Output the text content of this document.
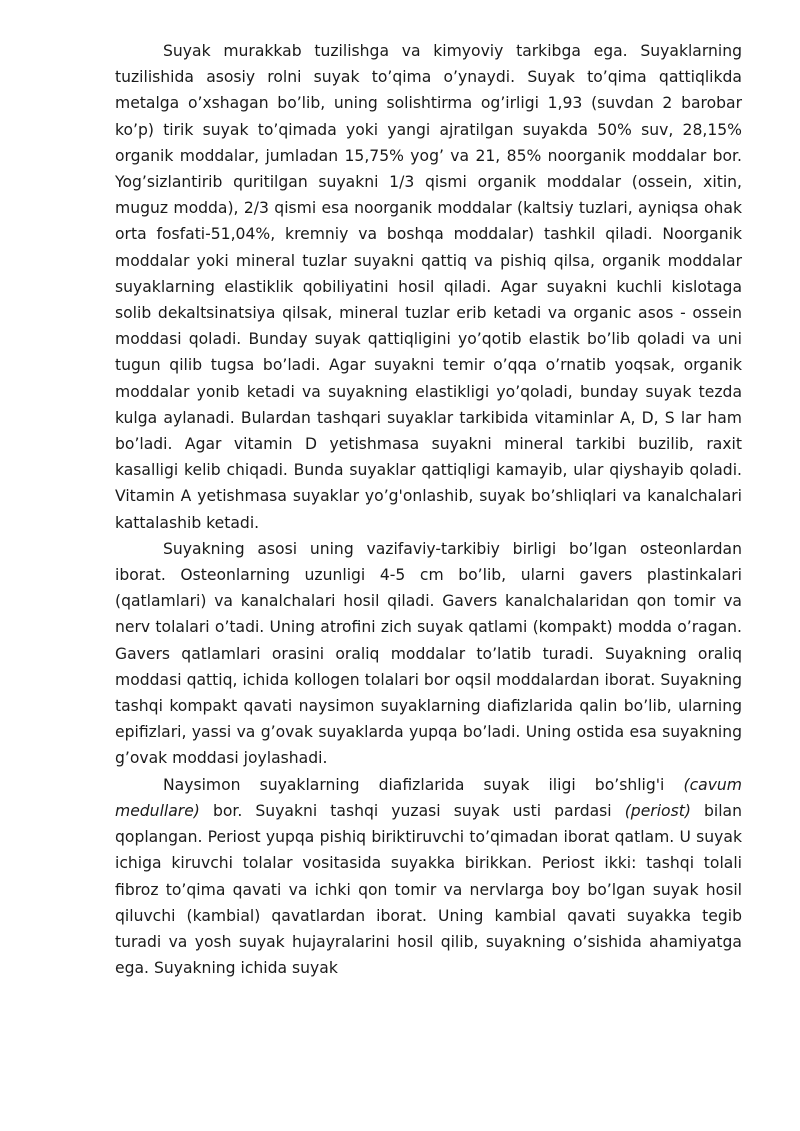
Suyak murakkab tuzilishga va kimyoviy tarkibga ega. Suyaklarning tuzilishida asosiy rolni suyak to’qima o’ynaydi. Suyak to’qima qattiqlikda metalga o’xshagan bo’lib, uning solishtirma og’irligi 1,93 (suvdan 2 barobar ko’p) tirik suyak to’qimada yoki yangi ajratilgan suyakda 50% suv, 28,15% organik moddalar, jumladan 15,75% yog’ va 21, 85% noorganik moddalar bor. Yog’sizlantirib quritilgan suyakni 1/3 qismi organik moddalar (ossein, xitin, muguz modda), 2/3 qismi esa noorganik moddalar (kaltsiy tuzlari, ayniqsa ohak orta fosfati-51,04%, kremniy va boshqa moddalar) tashkil qiladi. Noorganik moddalar yoki mineral tuzlar suyakni qattiq va pishiq qilsa, organik moddalar suyaklarning elastiklik qobiliyatini hosil qiladi. Agar suyakni kuchli kislotaga solib dekaltsinatsiya qilsak, mineral tuzlar erib ketadi va organic asos - ossein moddasi qoladi. Bunday suyak qattiqligini yo’qotib elastik bo’lib qoladi va uni tugun qilib tugsa bo’ladi. Agar suyakni temir o’qqa o’rnatib yoqsak, organik moddalar yonib ketadi va suyakning elastikligi yo’qoladi, bunday suyak tezda kulga aylanadi. Bulardan tashqari suyaklar tarkibida vitaminlar A, D, S lar ham bo’ladi. Agar vitamin D yetishmasa suyakni mineral tarkibi buzilib, raxit kasalligi kelib chiqadi. Bunda suyaklar qattiqligi kamayib, ular qiyshayib qoladi. Vitamin A yetishmasa suyaklar yo’g'onlashib, suyak bo’shliqlari va kanalchalari kattalashib ketadi.

Suyakning asosi uning vazifaviy-tarkibiy birligi bo’lgan osteonlardan iborat. Osteonlarning uzunligi 4-5 cm bo’lib, ularni gavers plastinkalari (qatlamlari) va kanalchalari hosil qiladi. Gavers kanalchalaridan qon tomir va nerv tolalari o’tadi. Uning atrofini zich suyak qatlami (kompakt) modda o’ragan. Gavers qatlamlari orasini oraliq moddalar to’latib turadi. Suyakning oraliq moddasi qattiq, ichida kollogen tolalari bor oqsil moddalardan iborat. Suyakning tashqi kompakt qavati naysimon suyaklarning diafizlarida qalin bo’lib, ularning epifizlari, yassi va g’ovak suyaklarda yupqa bo’ladi. Uning ostida esa suyakning g’ovak moddasi joylashadi.

Naysimon suyaklarning diafizlarida suyak iligi bo’shlig'i (cavum medullare) bor. Suyakni tashqi yuzasi suyak usti pardasi (periost) bilan qoplangan. Periost yupqa pishiq biriktiruvchi to’qimadan iborat qatlam. U suyak ichiga kiruvchi tolalar vositasida suyakka birikkan. Periost ikki: tashqi tolali fibroz to’qima qavati va ichki qon tomir va nervlarga boy bo’lgan suyak hosil qiluvchi (kambial) qavatlardan iborat. Uning kambial qavati suyakka tegib turadi va yosh suyak hujayralarini hosil qilib, suyakning o’sishida ahamiyatga ega. Suyakning ichida suyak
